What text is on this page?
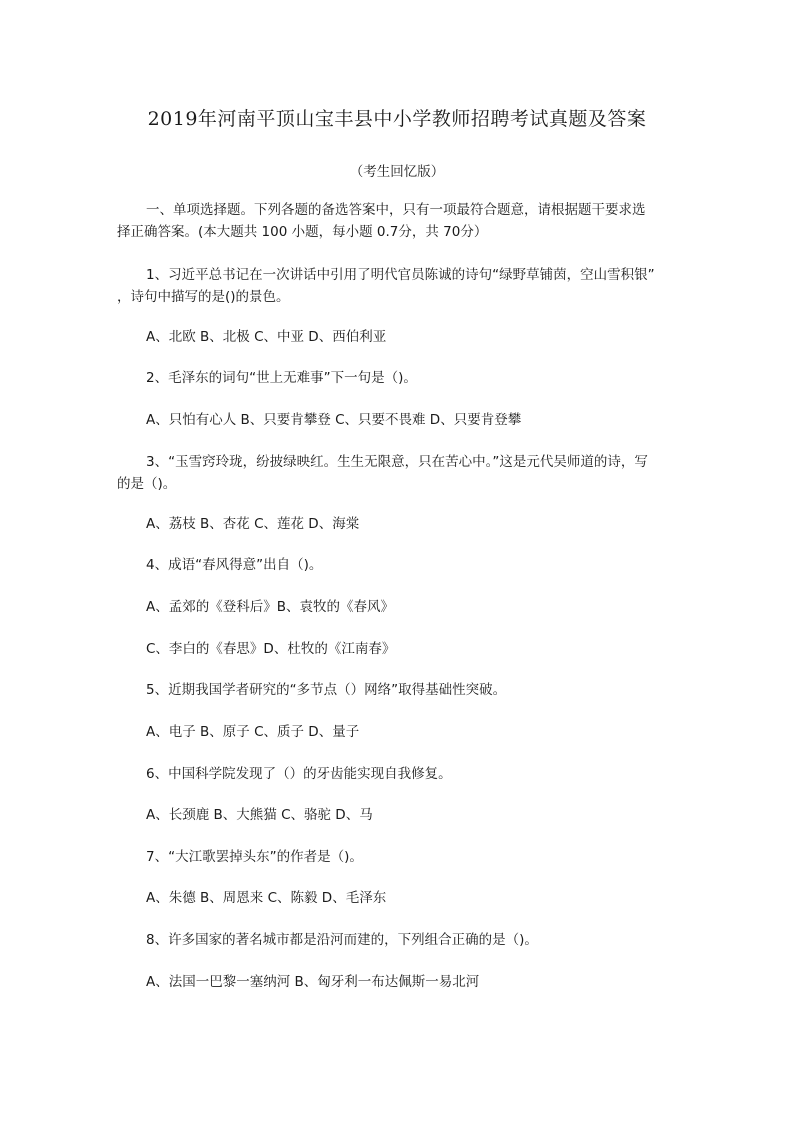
2019年河南平顶山宝丰县中小学教师招聘考试真题及答案
（考生回忆版）
一、单项选择题。下列各题的备选答案中，只有一项最符合题意，请根据题干要求选
择正确答案。(本大题共 100 小题，每小题 0.7分，共 70分）
1、习近平总书记在一次讲话中引用了明代官员陈诚的诗句“绿野草铺茵，空山雪积银”
，诗句中描写的是()的景色。
A、北欧 B、北极 C、中亚 D、西伯利亚
2、毛泽东的词句“世上无难事”下一句是（)。
A、只怕有心人 B、只要肯攀登 C、只要不畏难 D、只要肯登攀
3、“玉雪窍玲珑，纷披绿映红。生生无限意，只在苦心中。”这是元代吴师道的诗，写
的是（)。
A、荔枝 B、杏花 C、莲花 D、海棠
4、成语“春风得意”出自（)。
A、孟郊的《登科后》B、袁牧的《春风》
C、李白的《春思》D、杜牧的《江南春》
5、近期我国学者研究的“多节点（）网络”取得基础性突破。
A、电子 B、原子 C、质子 D、量子
6、中国科学院发现了（）的牙齿能实现自我修复。
A、长颈鹿 B、大熊猫 C、骆驼 D、马
7、“大江歌罢掉头东”的作者是（)。
A、朱德 B、周恩来 C、陈毅 D、毛泽东
8、许多国家的著名城市都是沿河而建的，下列组合正确的是（)。
A、法国一巴黎一塞纳河 B、匈牙利一布达佩斯一易北河
